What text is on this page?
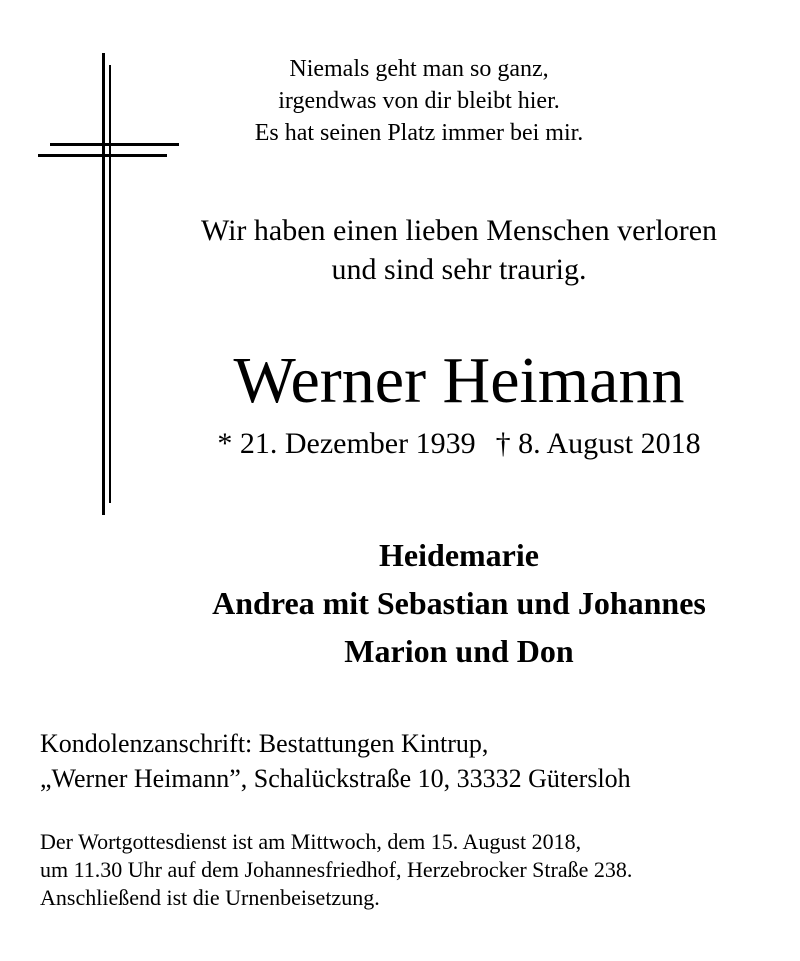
Niemals geht man so ganz,
irgendwas von dir bleibt hier.
Es hat seinen Platz immer bei mir.
Wir haben einen lieben Menschen verloren
und sind sehr traurig.
Werner Heimann
* 21. Dezember 1939 † 8. August 2018
Heidemarie
Andrea mit Sebastian und Johannes
Marion und Don
Kondolenzanschrift: Bestattungen Kintrup,
„Werner Heimann”, Schalückstraße 10, 33332 Gütersloh
Der Wortgottesdienst ist am Mittwoch, dem 15. August 2018,
um 11.30 Uhr auf dem Johannesfriedhof, Herzebrocker Straße 238.
Anschließend ist die Urnenbeisetzung.
